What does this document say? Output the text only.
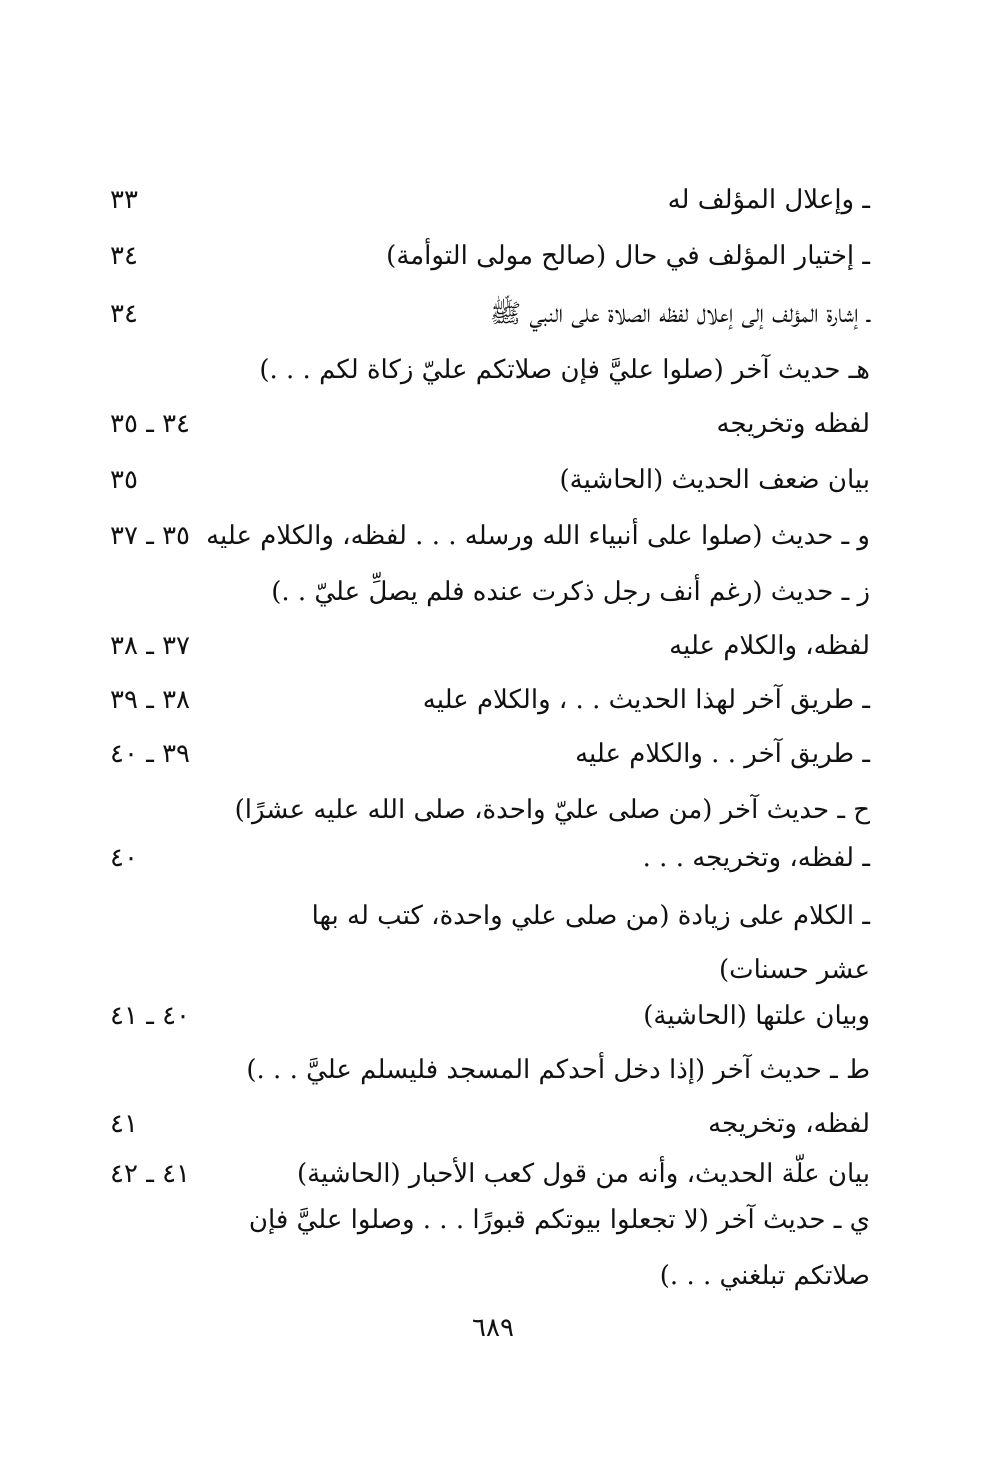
ـ وإعلال المؤلف له
٣٣
ـ إختيار المؤلف في حال (صالح مولى التوأمة)
٣٤
ـ إشارة المؤلف إلى إعلال لفظه الصلاة على النبي ﷺ
٣٤
هـ حديث آخر (صلوا عليَّ فإن صلاتكم عليّ زكاة لكم . . .)
لفظه وتخريجه
٣٤ ـ ٣٥
بيان ضعف الحديث (الحاشية)
٣٥
و ـ حديث (صلوا على أنبياء الله ورسله . . . لفظه، والكلام عليه
٣٥ ـ ٣٧
ز ـ حديث (رغم أنف رجل ذكرت عنده فلم يصلِّ عليّ . .)
لفظه، والكلام عليه
٣٧ ـ ٣٨
ـ طريق آخر لهذا الحديث . . ، والكلام عليه
٣٨ ـ ٣٩
ـ طريق آخر . . والكلام عليه
٣٩ ـ ٤٠
ح ـ حديث آخر (من صلى عليّ واحدة، صلى الله عليه عشرًا)
ـ لفظه، وتخريجه . . .
٤٠
ـ الكلام على زيادة (من صلى علي واحدة، كتب له بها
عشر حسنات)
وبيان علتها (الحاشية)
٤٠ ـ ٤١
ط ـ حديث آخر (إذا دخل أحدكم المسجد فليسلم عليَّ . . .)
لفظه، وتخريجه
٤١
بيان علّة الحديث، وأنه من قول كعب الأحبار (الحاشية)
٤١ ـ ٤٢
ي ـ حديث آخر (لا تجعلوا بيوتكم قبورًا . . . وصلوا عليَّ فإن
صلاتكم تبلغني . . .)
٦٨٩
